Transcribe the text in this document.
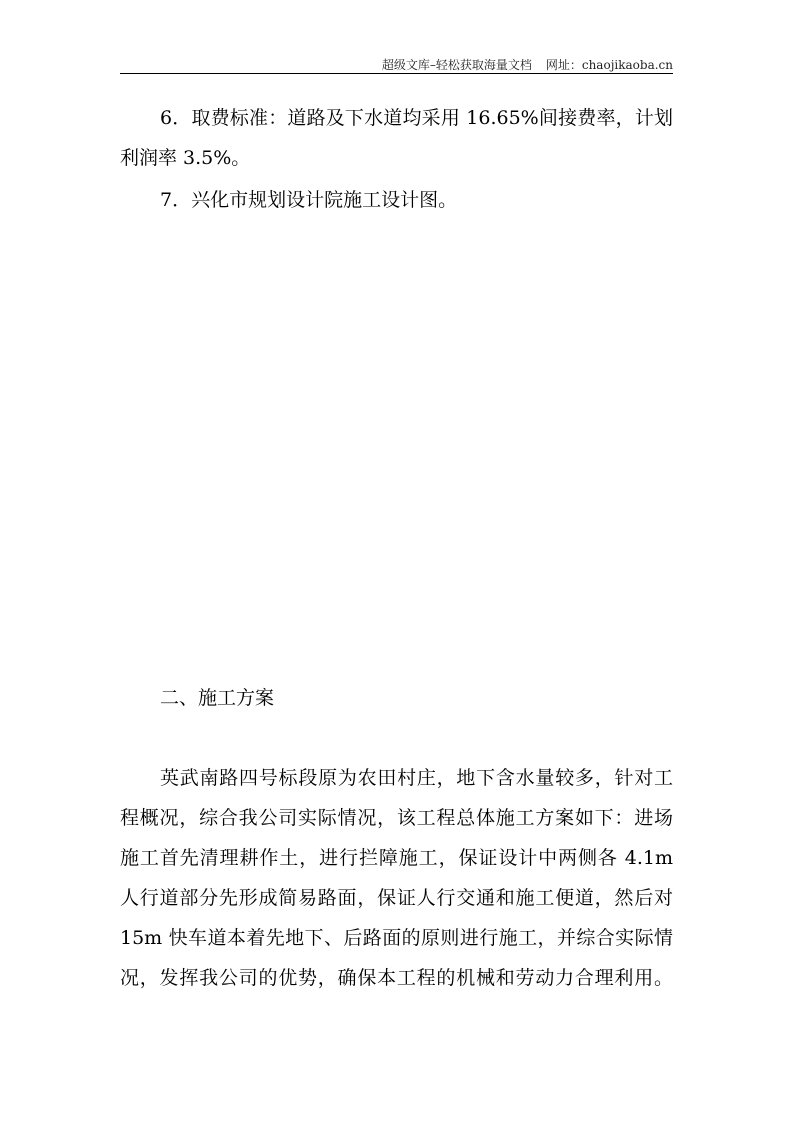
超级文库–轻松获取海量文档 网址：chaojikaoba.cn
6．取费标准：道路及下水道均采用 16.65%间接费率，计划
利润率 3.5%。
7．兴化市规划设计院施工设计图。
二、施工方案
英武南路四号标段原为农田村庄，地下含水量较多，针对工
程概况，综合我公司实际情况，该工程总体施工方案如下：进场
施工首先清理耕作土，进行拦障施工，保证设计中两侧各 4.1m
人行道部分先形成简易路面，保证人行交通和施工便道，然后对
15m 快车道本着先地下、后路面的原则进行施工，并综合实际情
况，发挥我公司的优势，确保本工程的机械和劳动力合理利用。
